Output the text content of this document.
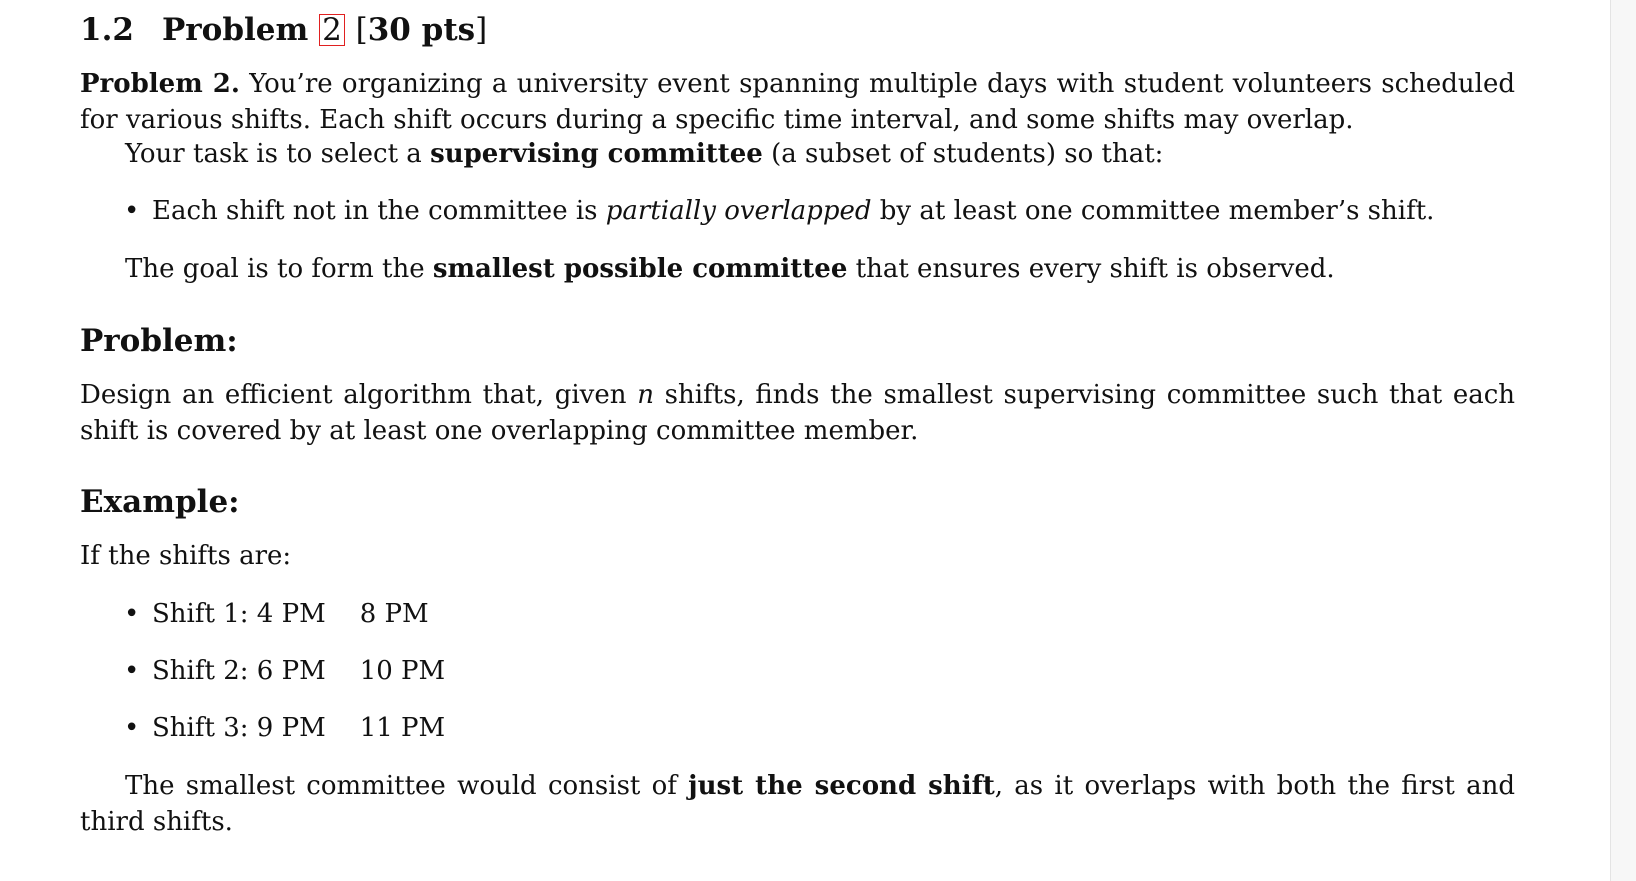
1.2 Problem 2 [30 pts]
Problem 2. You’re organizing a university event spanning multiple days with student volunteers scheduled for various shifts. Each shift occurs during a specific time interval, and some shifts may overlap.
Your task is to select a supervising committee (a subset of students) so that:
• Each shift not in the committee is partially overlapped by at least one committee member’s shift.
The goal is to form the smallest possible committee that ensures every shift is observed.
Problem:
Design an efficient algorithm that, given n shifts, finds the smallest supervising committee such that each shift is covered by at least one overlapping committee member.
Example:
If the shifts are:
• Shift 1: 4 PM 8 PM
• Shift 2: 6 PM 10 PM
• Shift 3: 9 PM 11 PM
The smallest committee would consist of just the second shift, as it overlaps with both the first and third shifts.
